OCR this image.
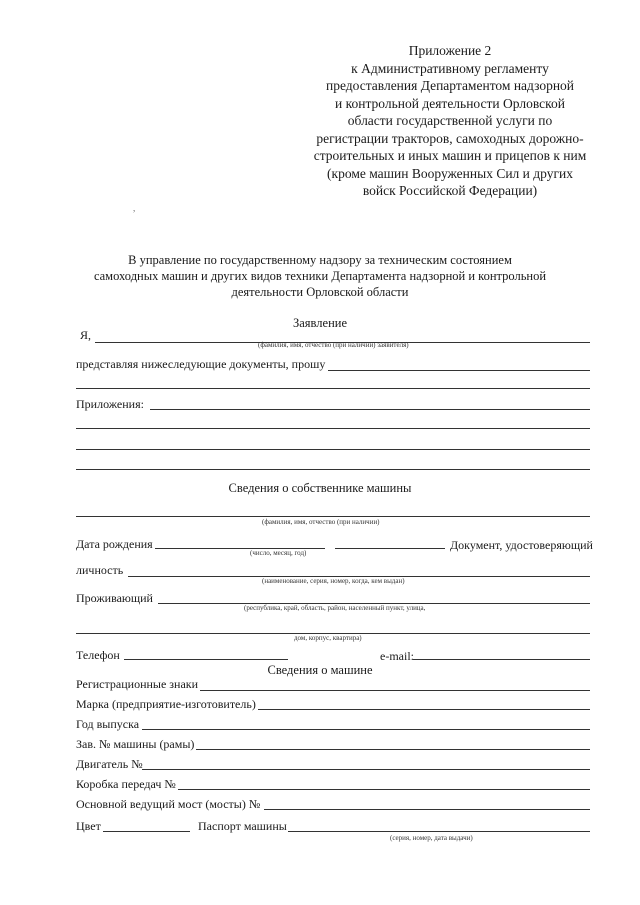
Приложение 2
к Административному регламенту
предоставления Департаментом надзорной
и контрольной деятельности Орловской
области государственной услуги по
регистрации тракторов, самоходных дорожно-
строительных и иных машин и прицепов к ним
(кроме машин Вооруженных Сил и других
войск Российской Федерации)
,
В управление по государственному надзору за техническим состоянием
самоходных машин и других видов техники Департамента надзорной и контрольной
деятельности Орловской области
Заявление
Я,
(фамилия, имя, отчество (при наличии) заявителя)
представляя нижеследующие документы, прошу
Приложения:
Сведения о собственнике машины
(фамилия, имя, отчество (при наличии)
Дата рождения
(число, месяц, год)
Документ, удостоверяющий
личность
(наименование, серия, номер, когда, кем выдан)
Проживающий
(республика, край, область, район, населенный пункт, улица,
дом, корпус, квартира)
Телефон	e-mail:
Сведения о машине
Регистрационные знаки
Марка (предприятие-изготовитель)
Год выпуска
Зав. № машины (рамы)
Двигатель №
Коробка передач №
Основной ведущий мост (мосты) №
Цвет	Паспорт машины
(серия, номер, дата выдачи)
